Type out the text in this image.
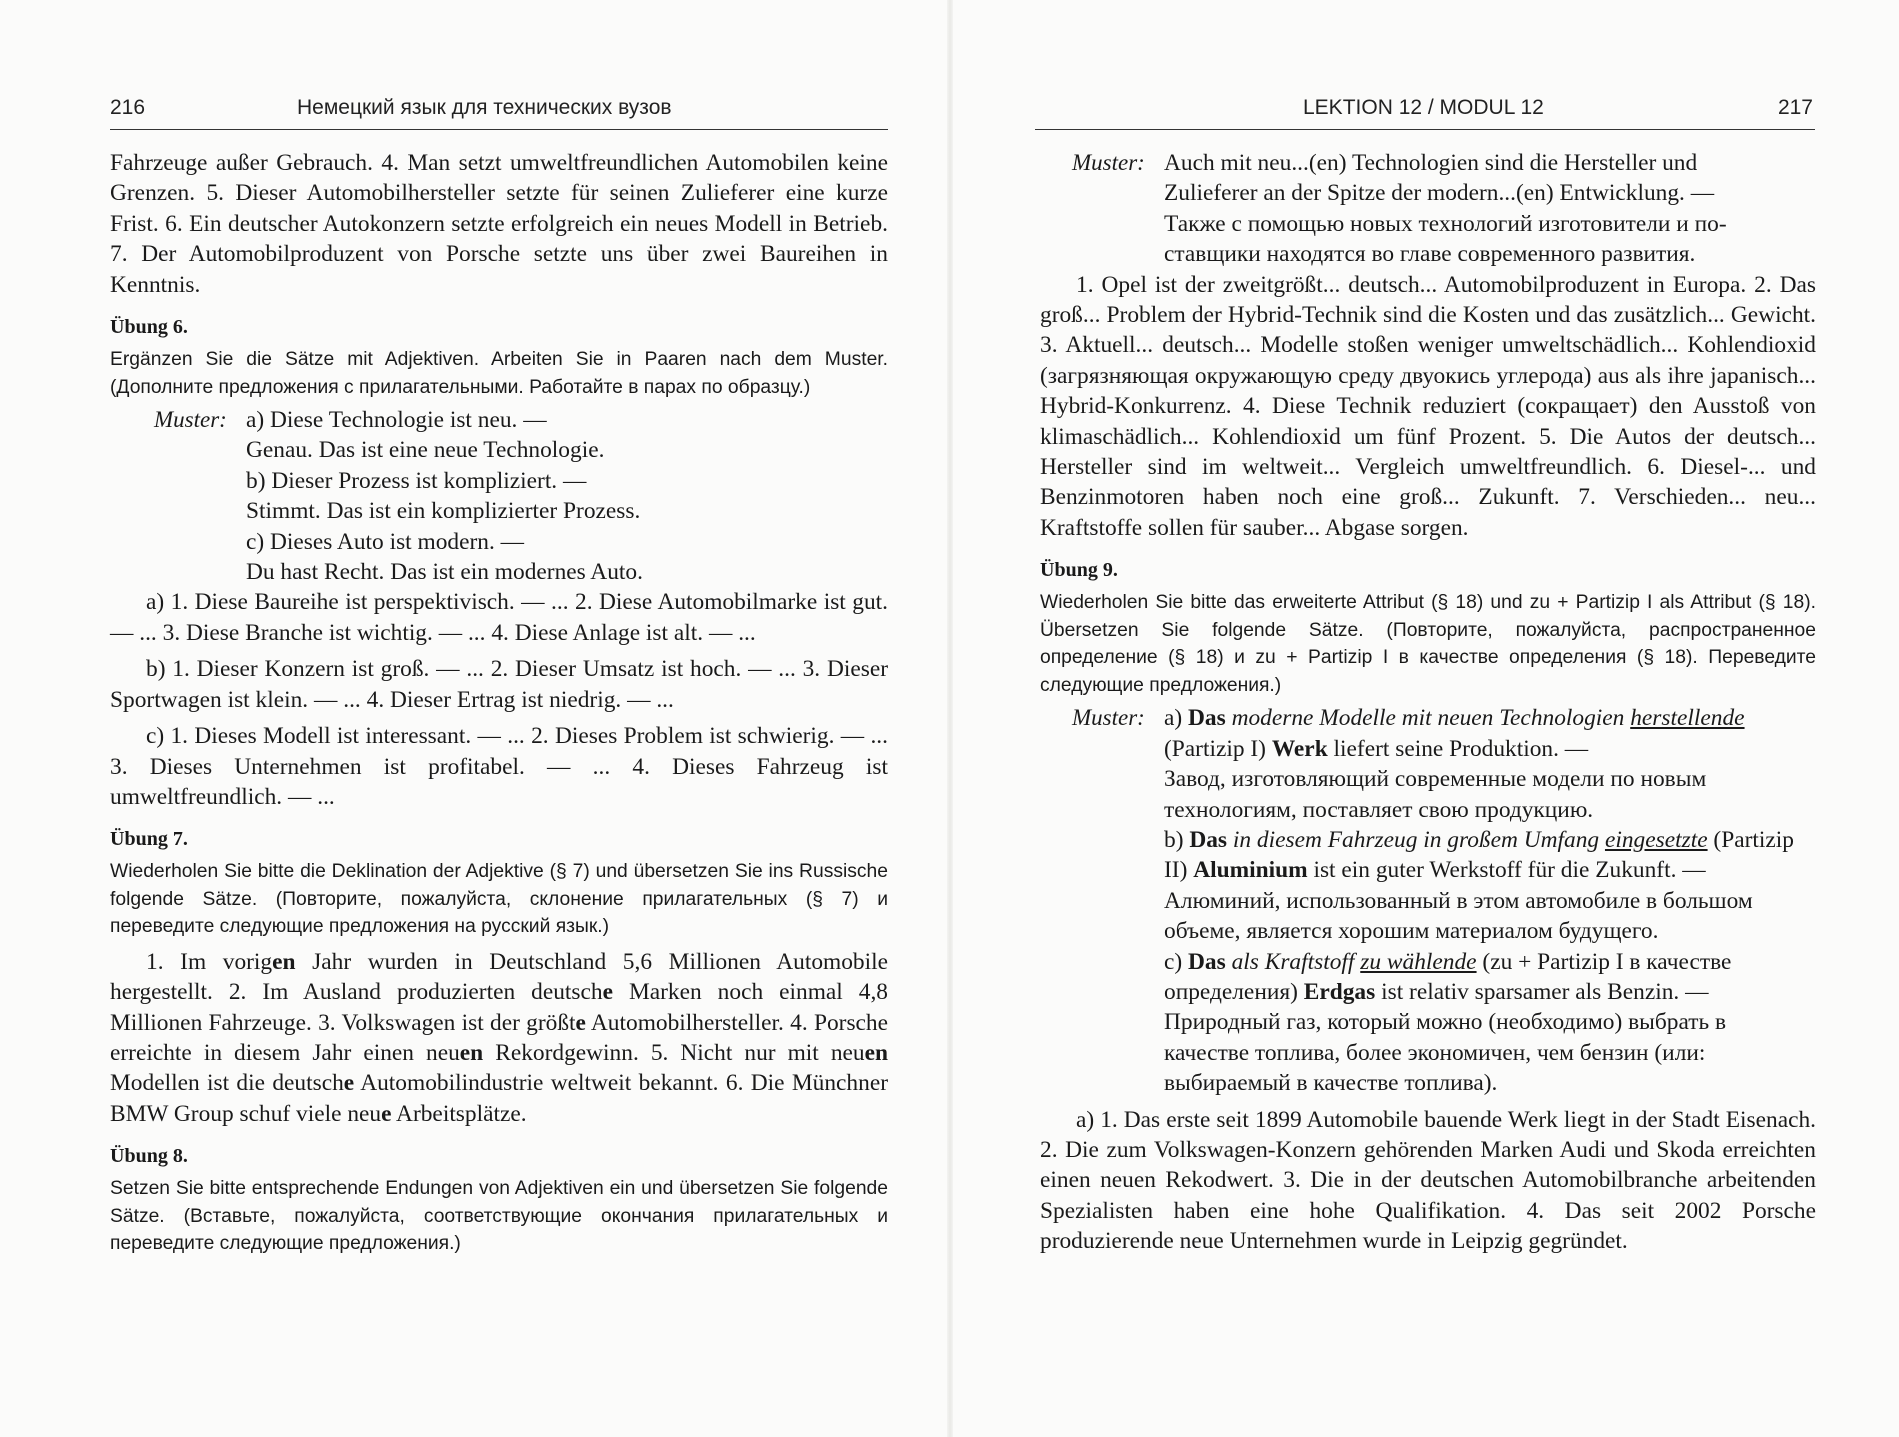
216	Немецкий язык для технических вузов

Fahrzeuge außer Gebrauch. 4. Man setzt umweltfreundlichen Automobilen keine Grenzen. 5. Dieser Automobilhersteller setzte für seinen Zulieferer eine kurze Frist. 6. Ein deutscher Autokonzern setzte erfolgreich ein neues Modell in Betrieb. 7. Der Automobilproduzent von Porsche setzte uns über zwei Baureihen in Kenntnis.

Übung 6.

Ergänzen Sie die Sätze mit Adjektiven. Arbeiten Sie in Paaren nach dem Muster. (Дополните предложения с прилагательными. Работайте в парах по образцу.)

Muster: a) Diese Technologie ist neu. —

Genau. Das ist eine neue Technologie.

b) Dieser Prozess ist kompliziert. —

Stimmt. Das ist ein komplizierter Prozess.

c) Dieses Auto ist modern. —

Du hast Recht. Das ist ein modernes Auto.

a) 1. Diese Baureihe ist perspektivisch. — ... 2. Diese Automobilmarke ist gut. — ... 3. Diese Branche ist wichtig. — ... 4. Diese Anlage ist alt. — ...

b) 1. Dieser Konzern ist groß. — ... 2. Dieser Umsatz ist hoch. — ... 3. Dieser Sportwagen ist klein. — ... 4. Dieser Ertrag ist niedrig. — ...

c) 1. Dieses Modell ist interessant. — ... 2. Dieses Problem ist schwierig. — ... 3. Dieses Unternehmen ist profitabel. — ... 4. Dieses Fahrzeug ist umweltfreundlich. — ...

Übung 7.

Wiederholen Sie bitte die Deklination der Adjektive (§ 7) und übersetzen Sie ins Russische folgende Sätze. (Повторите, пожалуйста, склонение прилагательных (§ 7) и переведите следующие предложения на русский язык.)

1. Im vorigen Jahr wurden in Deutschland 5,6 Millionen Automobile hergestellt. 2. Im Ausland produzierten deutsche Marken noch einmal 4,8 Millionen Fahrzeuge. 3. Volkswagen ist der größte Automobilhersteller. 4. Porsche erreichte in diesem Jahr einen neuen Rekordgewinn. 5. Nicht nur mit neuen Modellen ist die deutsche Automobilindustrie weltweit bekannt. 6. Die Münchner BMW Group schuf viele neue Arbeitsplätze.

Übung 8.

Setzen Sie bitte entsprechende Endungen von Adjektiven ein und übersetzen Sie folgende Sätze. (Вставьте, пожалуйста, соответствующие окончания прилагательных и переведите следующие предложения.)

LEKTION 12 / MODUL 12	217
Muster: Auch mit neu...(en) Technologien sind die Hersteller und

Zulieferer an der Spitze der modern...(en) Entwicklung. —

Также с помощью новых технологий изготовители и по-

ставщики находятся во главе современного развития.

1. Opel ist der zweitgrößt... deutsch... Automobilproduzent in Europa. 2. Das groß... Problem der Hybrid-Technik sind die Kosten und das zusätzlich... Gewicht. 3. Aktuell... deutsch... Modelle stoßen weniger umweltschädlich... Kohlendioxid (загрязняющая окружающую среду двуокись углерода) aus als ihre japanisch... Hybrid-Konkurrenz. 4. Diese Technik reduziert (сокращает) den Ausstoß von klimaschädlich... Kohlendioxid um fünf Prozent. 5. Die Autos der deutsch... Hersteller sind im weltweit... Vergleich umweltfreundlich. 6. Diesel-... und Benzinmotoren haben noch eine groß... Zukunft. 7. Verschieden... neu... Kraftstoffe sollen für sauber... Abgase sorgen.

Übung 9.

Wiederholen Sie bitte das erweiterte Attribut (§ 18) und zu + Partizip I als Attribut (§ 18). Übersetzen Sie folgende Sätze. (Повторите, пожалуйста, распространенное определение (§ 18) и zu + Partizip I в качестве определения (§ 18). Переведите следующие предложения.)

Muster: a) Das moderne Modelle mit neuen Technologien herstellende (Partizip I) Werk liefert seine Produktion. —

Завод, изготовляющий современные модели по новым технологиям, поставляет свою продукцию.

b) Das in diesem Fahrzeug in großem Umfang eingesetzte (Partizip II) Aluminium ist ein guter Werkstoff für die Zukunft. —

Алюминий, использованный в этом автомобиле в большом объеме, является хорошим материалом будущего.

c) Das als Kraftstoff zu wählende (zu + Partizip I в качестве определения) Erdgas ist relativ sparsamer als Benzin. —

Природный газ, который можно (необходимо) выбрать в качестве топлива, более экономичен, чем бензин (или: выбираемый в качестве топлива).

a) 1. Das erste seit 1899 Automobile bauende Werk liegt in der Stadt Eisenach. 2. Die zum Volkswagen-Konzern gehörenden Marken Audi und Skoda erreichten einen neuen Rekodwert. 3. Die in der deutschen Automobilbranche arbeitenden Spezialisten haben eine hohe Qualifikation. 4. Das seit 2002 Porsche produzierende neue Unternehmen wurde in Leipzig gegründet.
